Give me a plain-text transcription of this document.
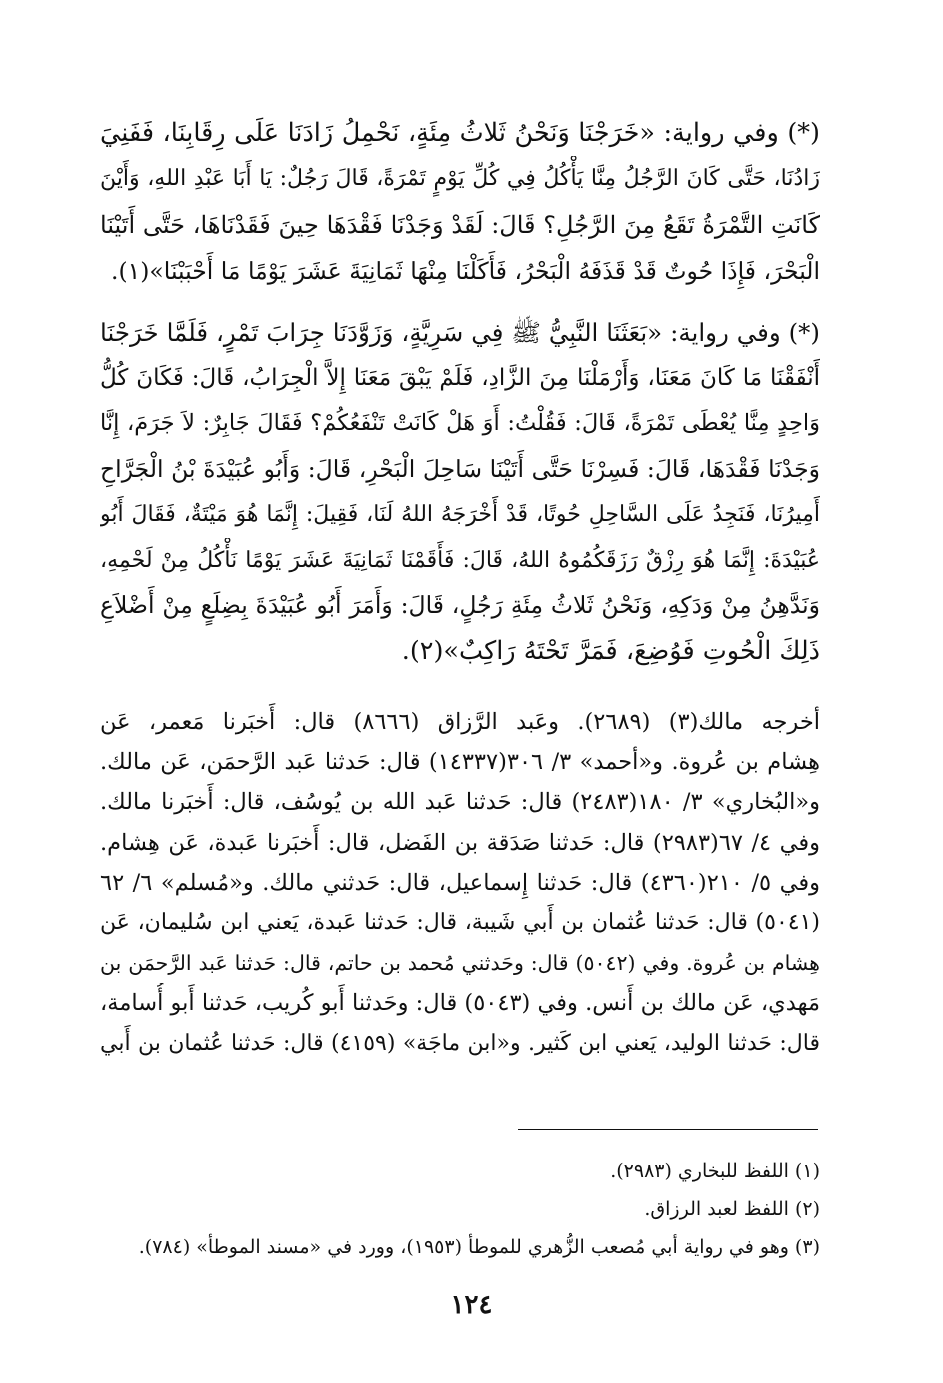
(*) وفي رواية: «خَرَجْنَا وَنَحْنُ ثَلاثُ مِئَةٍ، نَحْمِلُ زَادَنَا عَلَى رِقَابِنَا، فَفَنِيَ
زَادُنَا، حَتَّى كَانَ الرَّجُلُ مِنَّا يَأْكُلُ فِي كُلِّ يَوْمٍ تَمْرَةً، قَالَ رَجُلٌ: يَا أَبَا عَبْدِ اللهِ، وَأَيْنَ
كَانَتِ التَّمْرَةُ تَقَعُ مِنَ الرَّجُلِ؟ قَالَ: لَقَدْ وَجَدْنَا فَقْدَهَا حِينَ فَقَدْنَاهَا، حَتَّى أَتَيْنَا
الْبَحْرَ، فَإِذَا حُوتٌ قَدْ قَذَفَهُ الْبَحْرُ، فَأَكَلْنَا مِنْهَا ثَمَانِيَةَ عَشَرَ يَوْمًا مَا أَحْبَبْنَا»(١).
(*) وفي رواية: «بَعَثَنَا النَّبِيُّ ﷺ فِي سَرِيَّةٍ، وَزَوَّدَنَا جِرَابَ تَمْرٍ، فَلَمَّا خَرَجْنَا
أَنْفَقْنَا مَا كَانَ مَعَنَا، وَأَرْمَلْنَا مِنَ الزَّادِ، فَلَمْ يَبْقَ مَعَنَا إِلاَّ الْجِرَابُ، قَالَ: فَكَانَ كُلُّ
وَاحِدٍ مِنَّا يُعْطَى تَمْرَةً، قَالَ: فَقُلْتُ: أَوَ هَلْ كَانَتْ تَنْفَعُكُمْ؟ فَقَالَ جَابِرٌ: لاَ جَرَمَ، إِنَّا
وَجَدْنَا فَقْدَهَا، قَالَ: فَسِرْنَا حَتَّى أَتَيْنَا سَاحِلَ الْبَحْرِ، قَالَ: وَأَبُو عُبَيْدَةَ بْنُ الْجَرَّاحِ
أَمِيرُنَا، فَنَجِدُ عَلَى السَّاحِلِ حُوتًا، قَدْ أَخْرَجَهُ اللهُ لَنَا، فَقِيلَ: إِنَّمَا هُوَ مَيْتَةٌ، فَقَالَ أَبُو
عُبَيْدَةَ: إِنَّمَا هُوَ رِزْقٌ رَزَقَكُمُوهُ اللهُ، قَالَ: فَأَقَمْنَا ثَمَانِيَةَ عَشَرَ يَوْمًا نَأْكُلُ مِنْ لَحْمِهِ،
وَنَدَّهِنُ مِنْ وَدَكِهِ، وَنَحْنُ ثَلاثُ مِئَةِ رَجُلٍ، قَالَ: وَأَمَرَ أَبُو عُبَيْدَةَ بِضِلَعٍ مِنْ أَضْلاَعِ
ذَلِكَ الْحُوتِ فَوُضِعَ، فَمَرَّ تَحْتَهُ رَاكِبٌ»(٢).
أخرجه مالك(٣) (٢٦٨٩). وعَبد الرَّزاق (٨٦٦٦) قال: أَخبَرنا مَعمر، عَن
هِشام بن عُروة. و«أحمد» ٣/ ٣٠٦(١٤٣٣٧) قال: حَدثنا عَبد الرَّحمَن، عَن مالك.
و«البُخاري» ٣/ ١٨٠(٢٤٨٣) قال: حَدثنا عَبد الله بن يُوسُف، قال: أَخبَرنا مالك.
وفي ٤/ ٦٧(٢٩٨٣) قال: حَدثنا صَدَقة بن الفَضل، قال: أَخبَرنا عَبدة، عَن هِشام.
وفي ٥/ ٢١٠(٤٣٦٠) قال: حَدثنا إِسماعيل، قال: حَدثني مالك. و«مُسلم» ٦/ ٦٢
(٥٠٤١) قال: حَدثنا عُثمان بن أَبي شَيبة، قال: حَدثنا عَبدة، يَعني ابن سُليمان، عَن
هِشام بن عُروة. وفي (٥٠٤٢) قال: وحَدثني مُحمد بن حاتم، قال: حَدثنا عَبد الرَّحمَن بن
مَهدي، عَن مالك بن أَنس. وفي (٥٠٤٣) قال: وحَدثنا أَبو كُريب، حَدثنا أَبو أُسامة،
قال: حَدثنا الوليد، يَعني ابن كَثير. و«ابن ماجَة» (٤١٥٩) قال: حَدثنا عُثمان بن أَبي
(١) اللفظ للبخاري (٢٩٨٣).
(٢) اللفظ لعبد الرزاق.
(٣) وهو في رواية أبي مُصعب الزُّهري للموطأ (١٩٥٣)، وورد في «مسند الموطأ» (٧٨٤).
١٢٤
